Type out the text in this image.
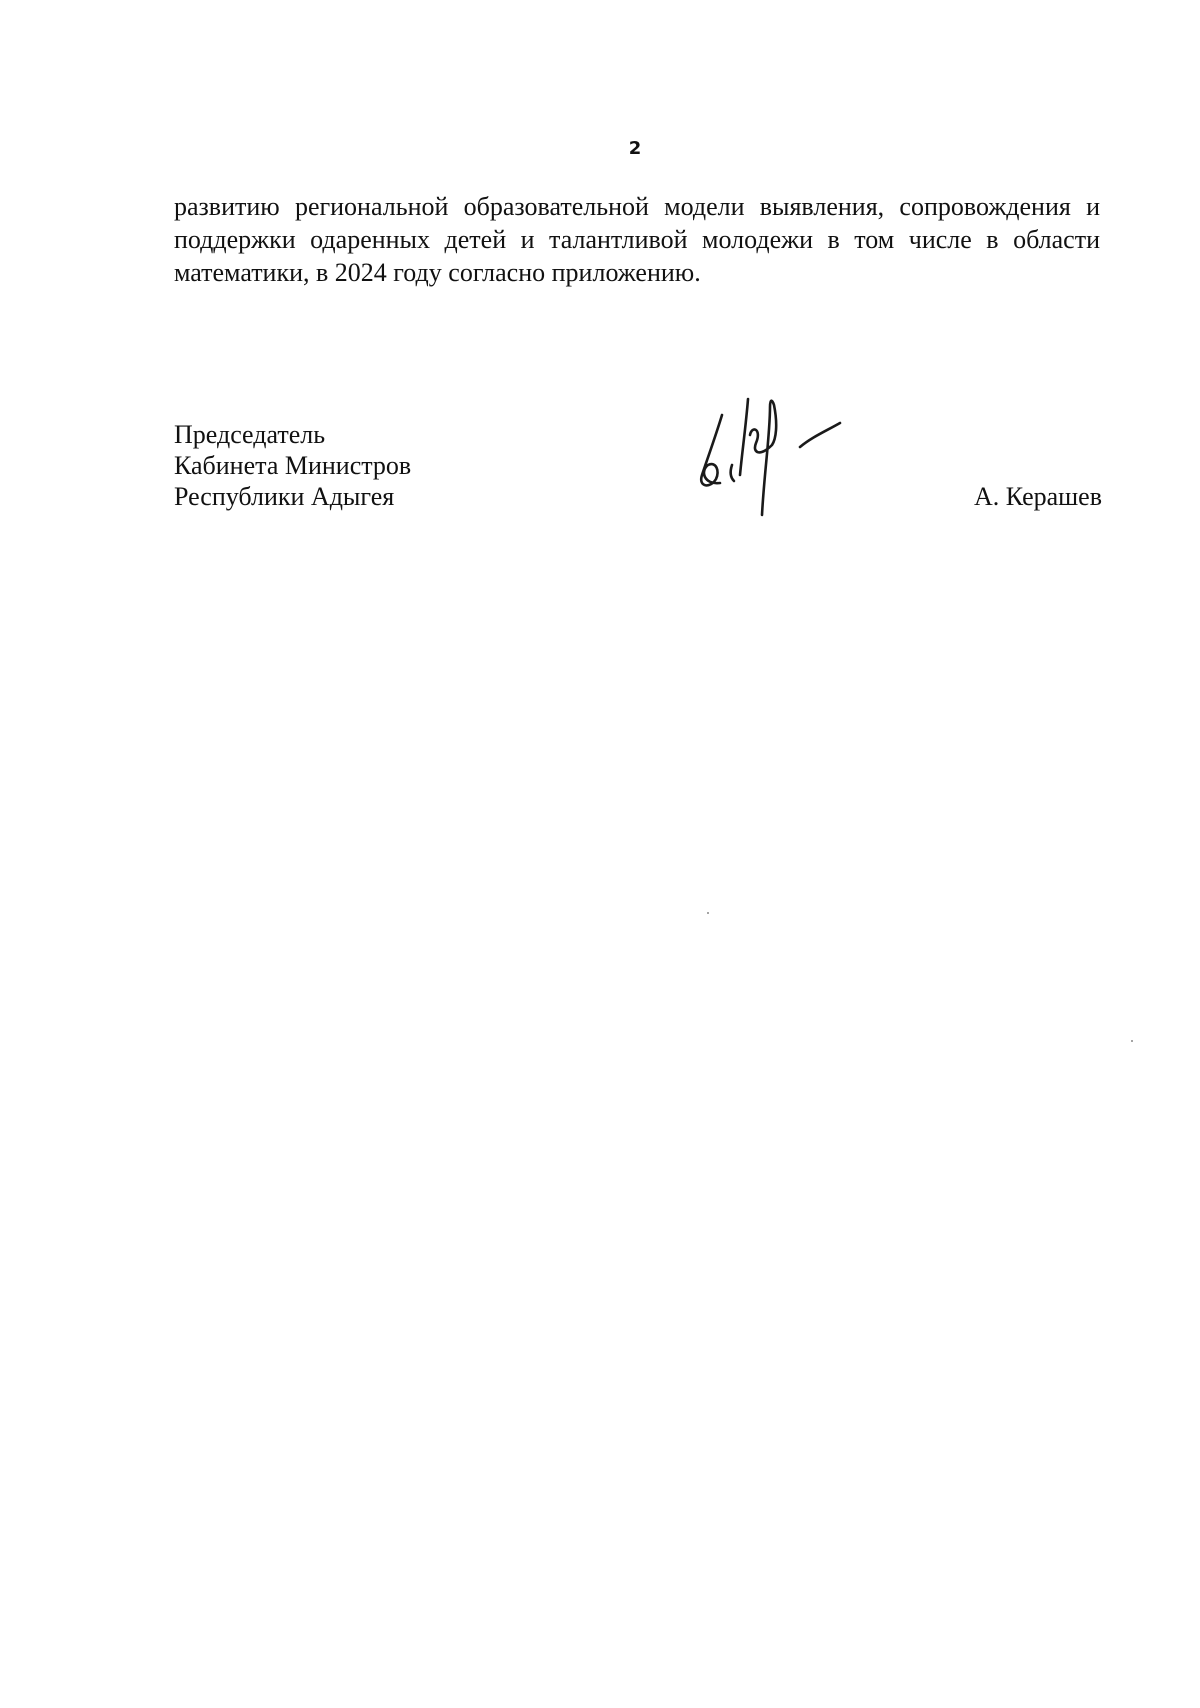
2

развитию региональной образовательной модели выявления, сопровождения и поддержки одаренных детей и талантливой молодежи в том числе в области математики, в 2024 году согласно приложению.

Председатель
Кабинета Министров
Республики Адыгея	А. Керашев
